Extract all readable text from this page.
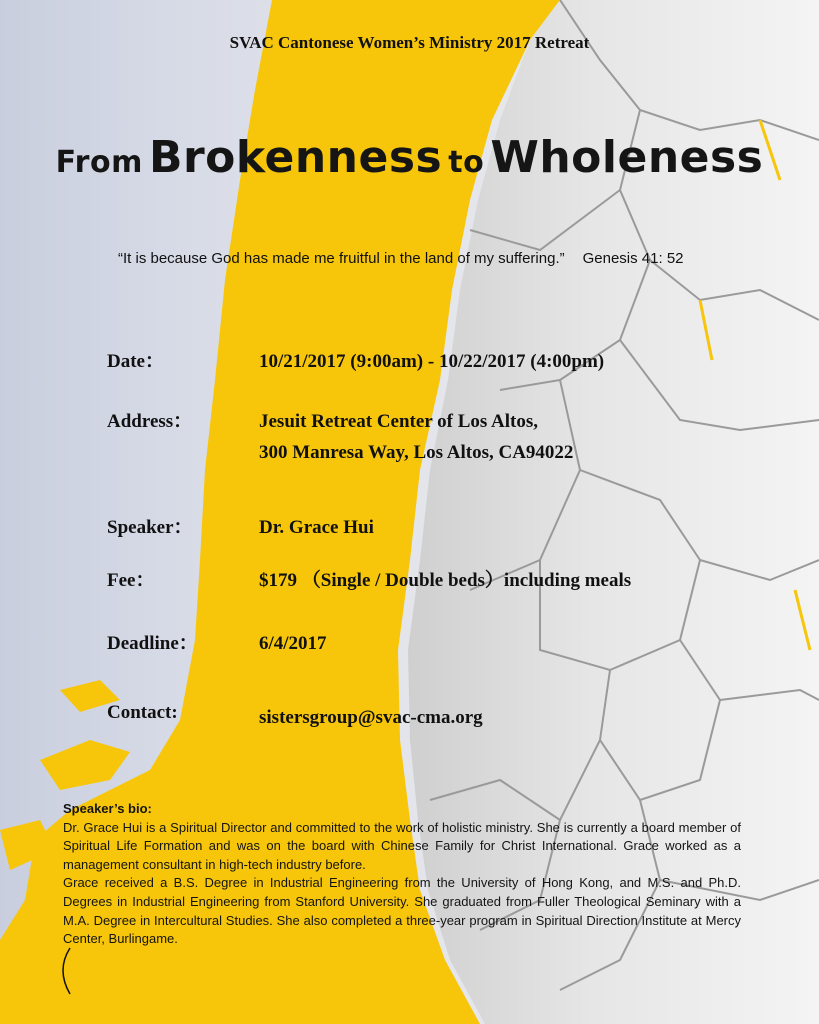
SVAC Cantonese Women’s Ministry 2017 Retreat
From Brokenness to Wholeness
“It is because God has made me fruitful in the land of my suffering.” Genesis 41: 52
Date：	10/21/2017 (9:00am) - 10/22/2017 (4:00pm)
Address：	Jesuit Retreat Center of Los Altos,
300 Manresa Way, Los Altos, CA94022
Speaker：	Dr. Grace Hui
Fee：	$179 （Single / Double beds）including meals
Deadline：	6/4/2017
Contact:	sistersgroup@svac-cma.org
Speaker’s bio:

Dr. Grace Hui is a Spiritual Director and committed to the work of holistic ministry. She is currently a board member of Spiritual Life Formation and was on the board with Chinese Family for Christ International. Grace worked as a management consultant in high-tech industry before.

Grace received a B.S. Degree in Industrial Engineering from the University of Hong Kong, and M.S. and Ph.D. Degrees in Industrial Engineering from Stanford University. She graduated from Fuller Theological Seminary with a M.A. Degree in Intercultural Studies. She also completed a three-year program in Spiritual Direction Institute at Mercy Center, Burlingame.
